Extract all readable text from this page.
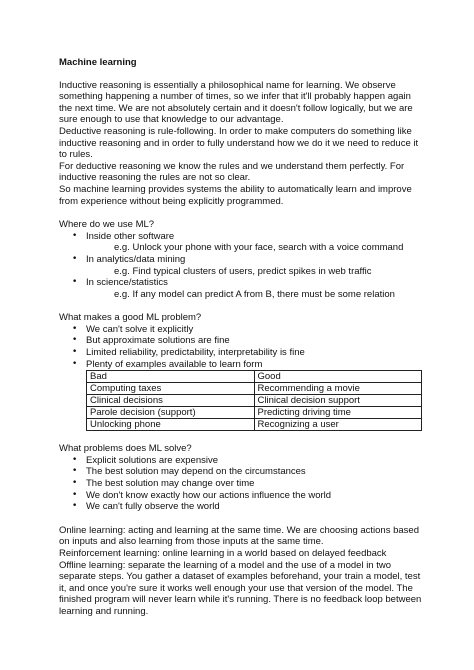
Machine learning

Inductive reasoning is essentially a philosophical name for learning. We observe something happening a number of times, so we infer that it'll probably happen again the next time. We are not absolutely certain and it doesn't follow logically, but we are sure enough to use that knowledge to our advantage.

Deductive reasoning is rule-following. In order to make computers do something like inductive reasoning and in order to fully understand how we do it we need to reduce it to rules.

For deductive reasoning we know the rules and we understand them perfectly. For inductive reasoning the rules are not so clear.

So machine learning provides systems the ability to automatically learn and improve from experience without being explicitly programmed.

Where do we use ML?

• Inside other software
e.g. Unlock your phone with your face, search with a voice command
• In analytics/data mining
e.g. Find typical clusters of users, predict spikes in web traffic
• In science/statistics
e.g. If any model can predict A from B, there must be some relation

What makes a good ML problem?

• We can't solve it explicitly
• But approximate solutions are fine
• Limited reliability, predictability, interpretability is fine
• Plenty of examples available to learn form
Bad	Good
Computing taxes	Recommending a movie
Clinical decisions	Clinical decision support
Parole decision (support)	Predicting driving time
Unlocking phone	Recognizing a user

What problems does ML solve?

• Explicit solutions are expensive
• The best solution may depend on the circumstances
• The best solution may change over time
• We don't know exactly how our actions influence the world
• We can't fully observe the world

Online learning: acting and learning at the same time. We are choosing actions based on inputs and also learning from those inputs at the same time.

Reinforcement learning: online learning in a world based on delayed feedback

Offline learning: separate the learning of a model and the use of a model in two separate steps. You gather a dataset of examples beforehand, your train a model, test it, and once you're sure it works well enough your use that version of the model. The finished program will never learn while it's running. There is no feedback loop between learning and running.
